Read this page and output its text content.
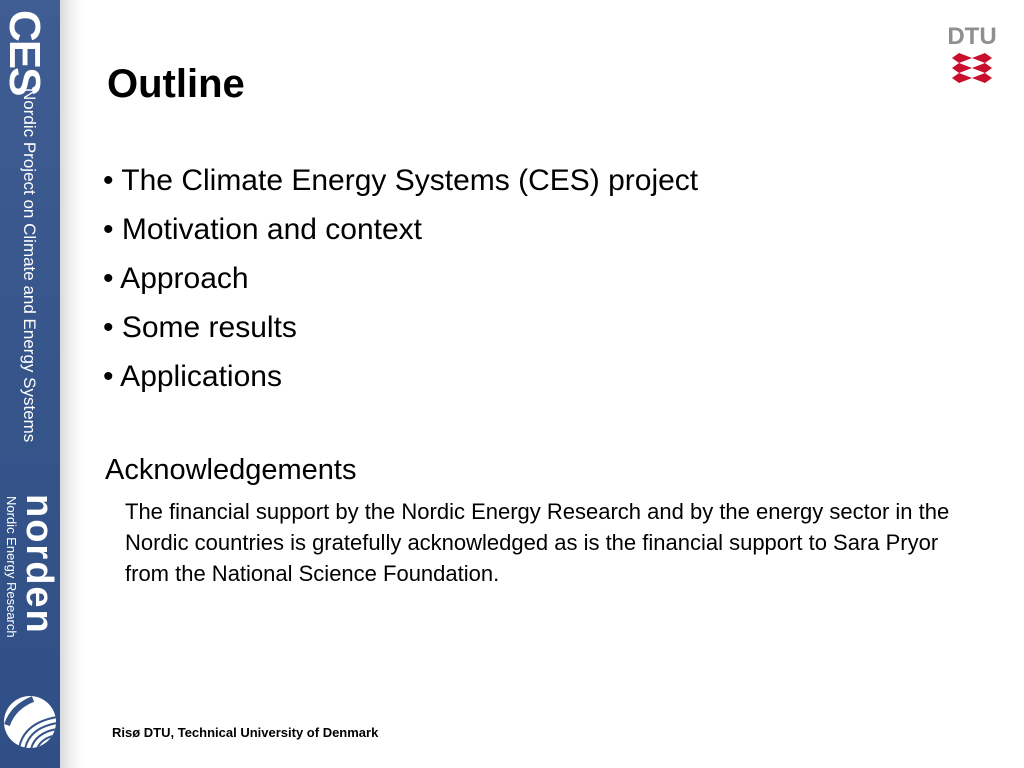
CES
Nordic Project on Climate and Energy Systems
norden
Nordic Energy Research
DTU
Outline
• The Climate Energy Systems (CES) project
• Motivation and context
• Approach
• Some results
• Applications
Acknowledgements
The financial support by the Nordic Energy Research and by the energy sector in the Nordic countries is gratefully acknowledged as is the financial support to Sara Pryor from the National Science Foundation.
Risø DTU, Technical University of Denmark
